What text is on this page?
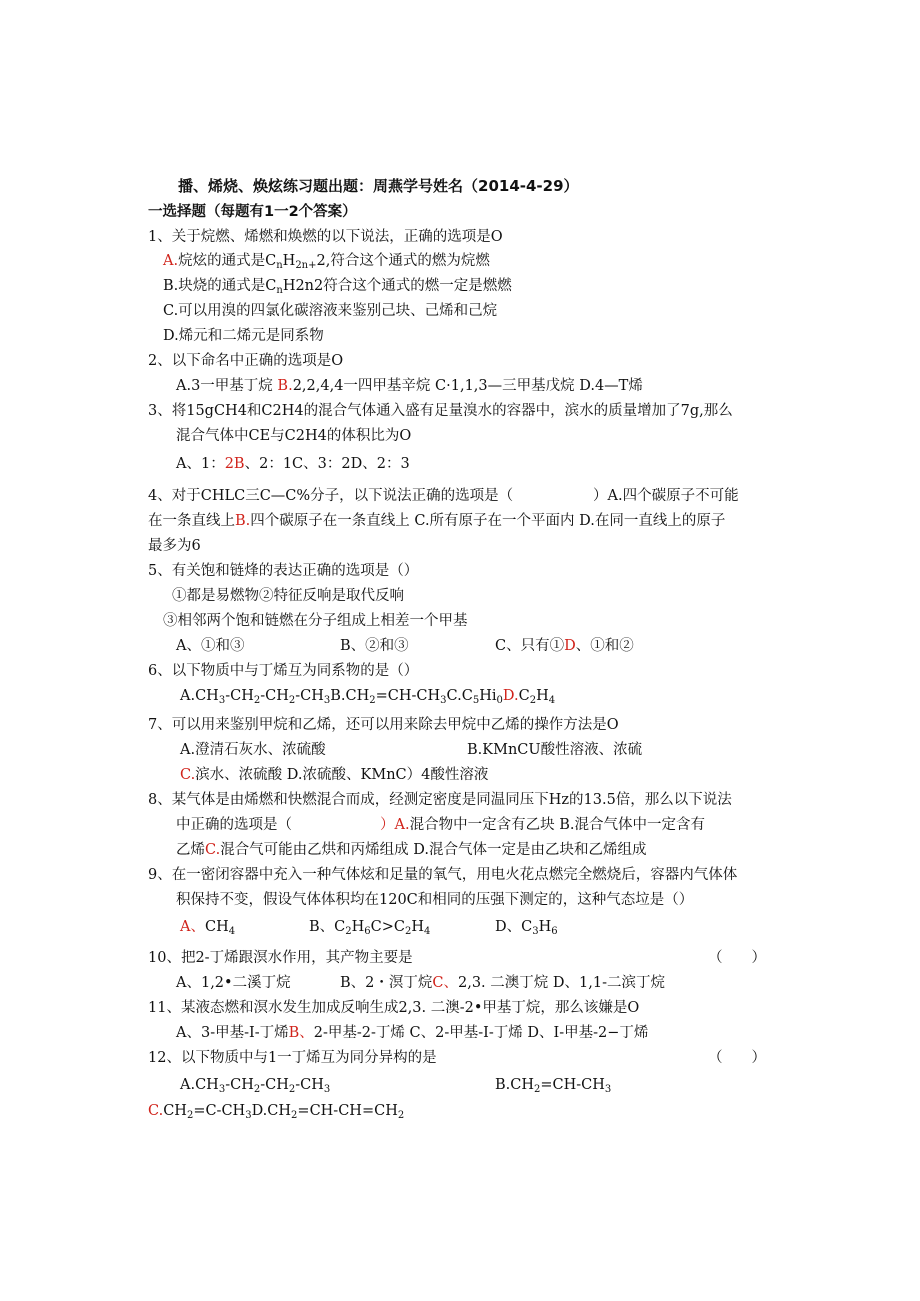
播、烯烧、焕炫练习题出题：周燕学号姓名（2014-4-29）
一选择题（每题有1一2个答案）
1、关于烷燃、烯燃和焕燃的以下说法，正确的选项是O
A.烷炫的通式是$C_nH_{2n+}2$,符合这个通式的燃为烷燃
B.块烧的通式是$C_nH2n2$符合这个通式的燃一定是燃燃
C.可以用溴的四氯化碳溶液来鉴别己块、己烯和己烷
D.烯元和二烯元是同系物
2、以下命名中正确的选项是O
A.3一甲基丁烷 B.2,2,4,4一四甲基辛烷 C·1,1,3—三甲基戊烷 D.4—T烯
3、将15gCH4和C2H4的混合气体通入盛有足量溴水的容器中，滨水的质量增加了7g,那么
混合气体中CE与C2H4的体积比为O
A、1：2B、2：1C、3：2D、2：3
4、对于CHLC三C—C%分子，以下说法正确的选项是（	）A.四个碳原子不可能
在一条直线上B.四个碳原子在一条直线上 C.所有原子在一个平面内 D.在同一直线上的原子
最多为6
5、有关饱和链烽的表达正确的选项是（）
①都是易燃物②特征反响是取代反响
③相邻两个饱和链燃在分子组成上相差一个甲基
A、①和③	B、②和③	C、只有①D、①和②
6、以下物质中与丁烯互为同系物的是（）
$A.CH_3-CH_2-CH_2-CH_3B.CH_2=CH-CH_3C.C_5Hi_0D.C_2H_4$
7、可以用来鉴别甲烷和乙烯，还可以用来除去甲烷中乙烯的操作方法是O
A.澄清石灰水、浓硫酸	B.KMnCU酸性溶液、浓硫
C.滨水、浓硫酸 D.浓硫酸、KMnC）4酸性溶液
8、某气体是由烯燃和快燃混合而成，经测定密度是同温同压下Hz的13.5倍，那么以下说法
中正确的选项是（	）A.混合物中一定含有乙块 B.混合气体中一定含有
乙烯C.混合气可能由乙烘和丙烯组成 D.混合气体一定是由乙块和乙烯组成
9、在一密闭容器中充入一种气体炫和足量的氧气，用电火花点燃完全燃烧后，容器内气体体
积保持不变，假设气体体积均在120C和相同的压强下测定的，这种气态垃是（）
A、$CH_4$	B、$C_2H_6C>C_2H_4$	D、$C_3H_6$
10、把2-丁烯跟溟水作用，其产物主要是	（　　）
A、1,2•二溪丁烷	B、2・溟丁烷C、2,3. 二澳丁烷 D、1,1-二滨丁烷
11、某液态燃和溟水发生加成反响生成2,3. 二澳-2•甲基丁烷，那么该嫌是O
A、3-甲基-I-丁烯B、2-甲基-2-丁烯 C、2-甲基-I-丁烯 D、I-甲基-2−丁烯
12、以下物质中与1一丁烯互为同分异构的是	（　　）
$A.CH_3-CH_2-CH_2-CH_3$	$B.CH_2=CH-CH_3$
$C.CH_2=C-CH_3D.CH_2=CH-CH=CH_2$
